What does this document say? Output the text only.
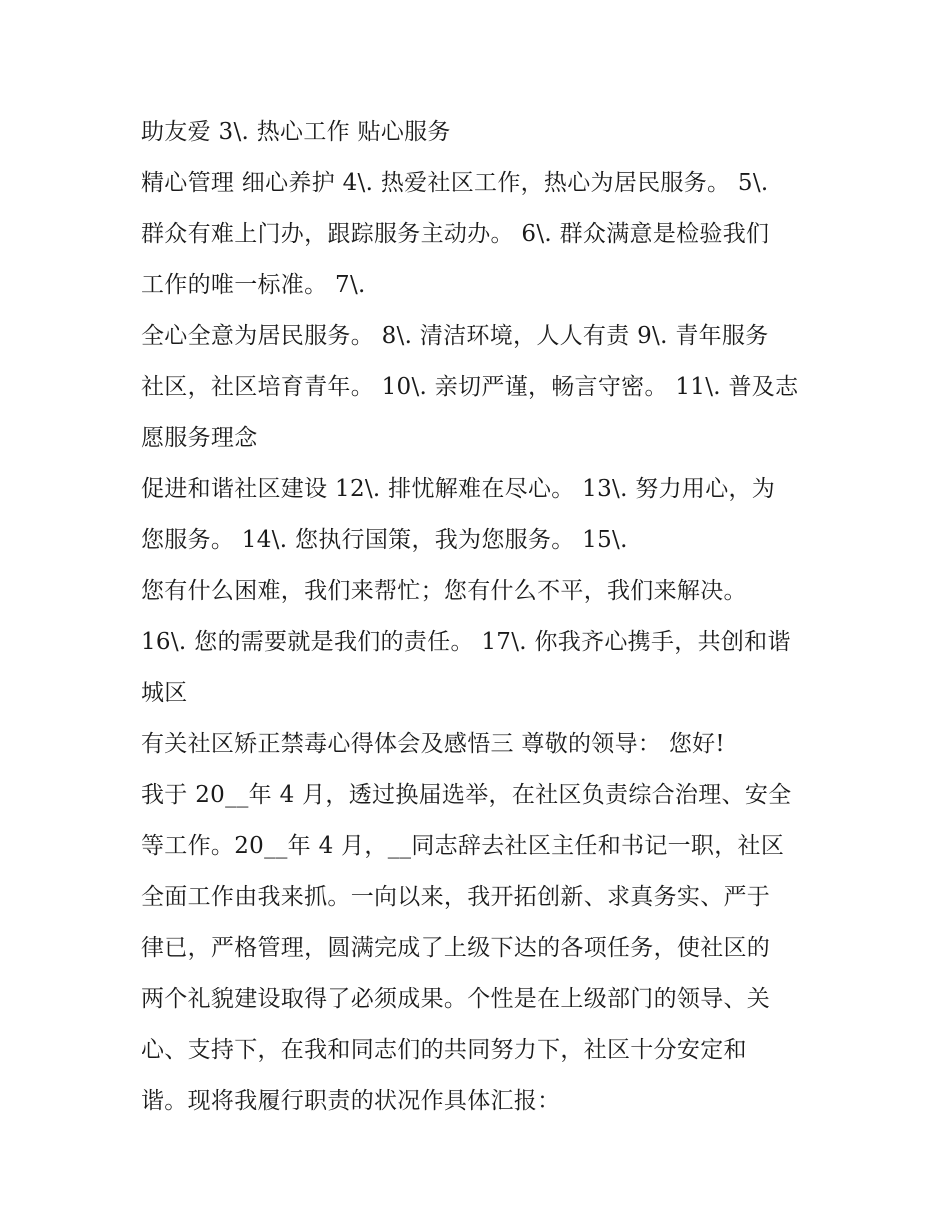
助友爱 3\. 热心工作 贴心服务
精心管理 细心养护 4\. 热爱社区工作，热心为居民服务。 5\.
群众有难上门办，跟踪服务主动办。 6\. 群众满意是检验我们
工作的唯一标准。 7\.
全心全意为居民服务。 8\. 清洁环境，人人有责 9\. 青年服务
社区，社区培育青年。 10\. 亲切严谨，畅言守密。 11\. 普及志
愿服务理念
促进和谐社区建设 12\. 排忧解难在尽心。 13\. 努力用心，为
您服务。 14\. 您执行国策，我为您服务。 15\.
您有什么困难，我们来帮忙；您有什么不平，我们来解决。
16\. 您的需要就是我们的责任。 17\. 你我齐心携手，共创和谐
城区
有关社区矫正禁毒心得体会及感悟三 尊敬的领导： 您好!
我于 20__年 4 月，透过换届选举，在社区负责综合治理、安全
等工作。20__年 4 月，__同志辞去社区主任和书记一职，社区
全面工作由我来抓。一向以来，我开拓创新、求真务实、严于
律已，严格管理，圆满完成了上级下达的各项任务，使社区的
两个礼貌建设取得了必须成果。个性是在上级部门的领导、关
心、支持下，在我和同志们的共同努力下，社区十分安定和
谐。现将我履行职责的状况作具体汇报：
